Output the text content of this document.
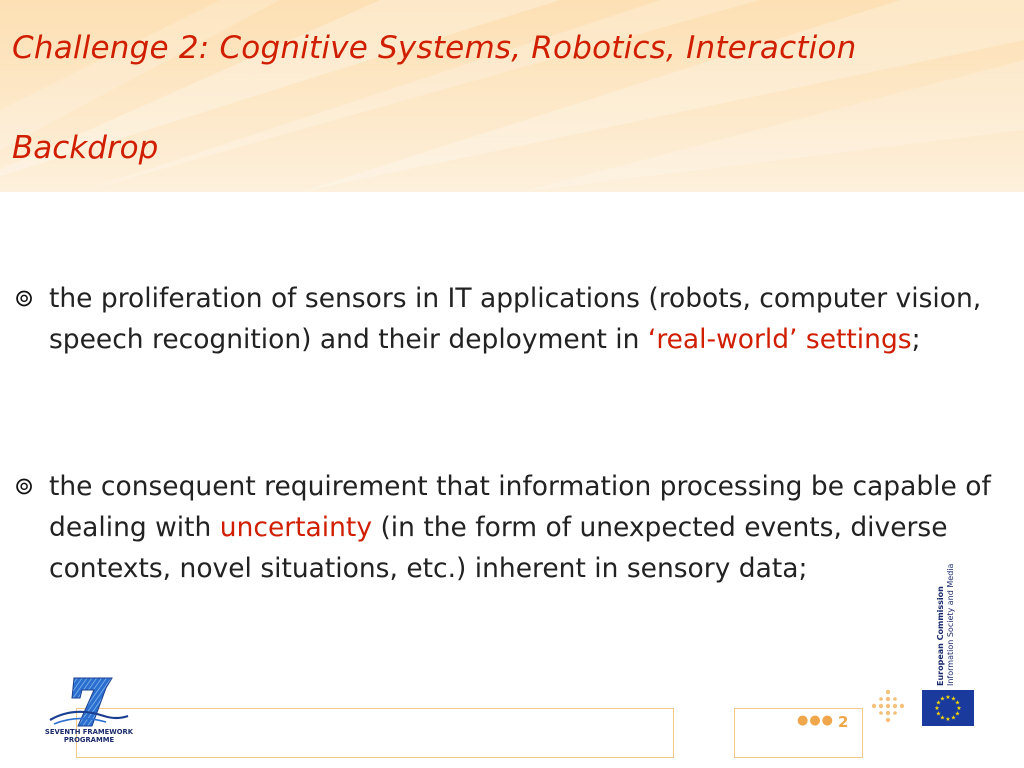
Challenge 2: Cognitive Systems, Robotics, Interaction
Backdrop
⊚ the proliferation of sensors in IT applications (robots, computer vision, speech recognition) and their deployment in ‘real-world’ settings;
⊚ the consequent requirement that information processing be capable of dealing with uncertainty (in the form of unexpected events, diverse contexts, novel situations, etc.) inherent in sensory data;
●●● 2
SEVENTH FRAMEWORK
PROGRAMME
European Commission Information Society and Media
★ ★
★
★
★
★
★
★
★
★
★
★
